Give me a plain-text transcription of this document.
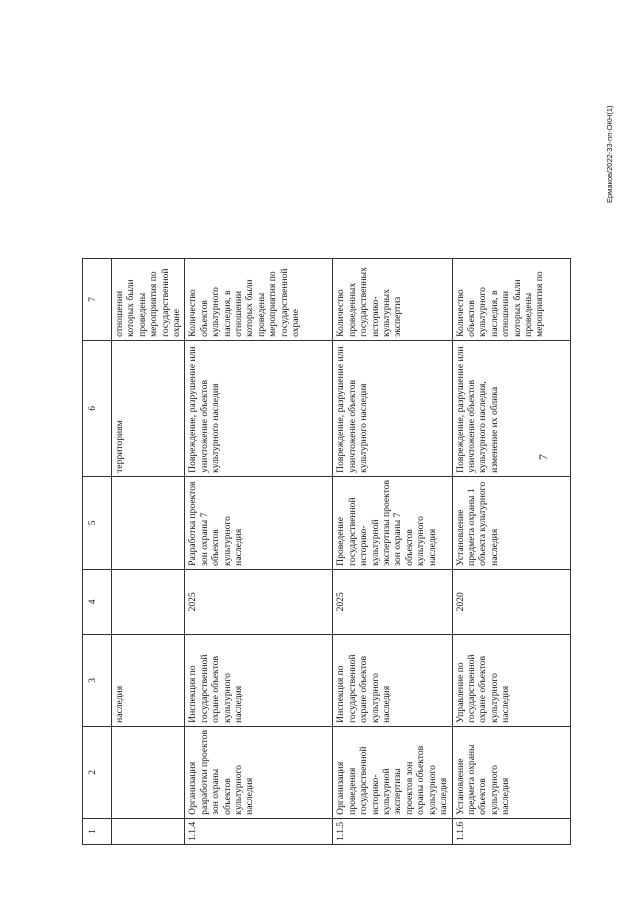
7
1	2	3	4	5	6	7
		наследия			территориям	отношении которых были проведены мероприятия по государственной охране
1.1.4	Организация разработки проектов зон охраны объектов культурного наследия	Инспекция по государственной охране объектов культурного наследия	2025	Разработка проектов зон охраны 7 объектов культурного наследия	Повреждение, разрушение или уничтожение объектов культурного наследия	Количество объектов культурного наследия, в отношении которых были проведены мероприятия по государственной охране
1.1.5	Организация проведения государственной историко-культурной экспертизы проектов зон охраны объектов культурного наследия	Инспекция по государственной охране объектов культурного наследия	2025	Проведение государственной историко-культурной экспертизы проектов зон охраны 7 объектов культурного наследия	Повреждение, разрушение или уничтожение объектов культурного наследия	Количество проведенных государственных историко-культурных экспертиз
1.1.6	Установление предмета охраны объектов культурного наследия	Управление по государственной охране объектов культурного наследия	2020	Установление предмета охраны 1 объекта культурного наследия	Повреждение, разрушение или уничтожение объектов культурного наследия, изменение их облика	Количество объектов культурного наследия, в отношении которых были проведены мероприятия по
Ермаков/2022-33-пп-ОКН(1)
